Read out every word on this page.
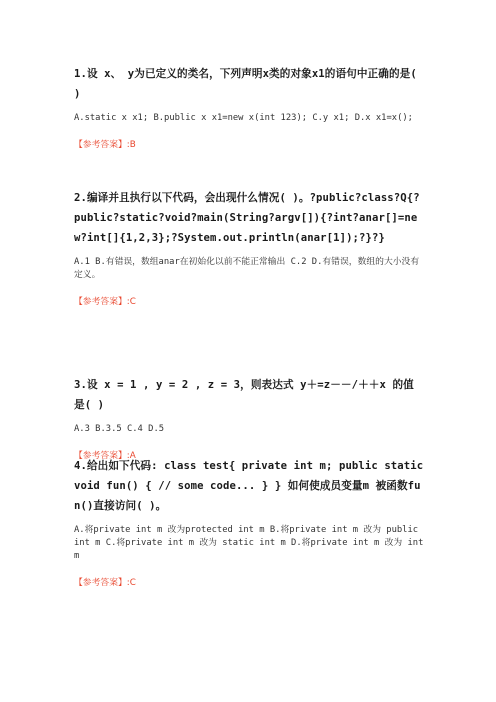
1.设 x、 y为已定义的类名，下列声明x类的对象x1的语句中正确的是( )

A.static x x1; B.public x x1=new x(int 123); C.y x1; D.x x1=x();

【参考答案】:B

2.编译并且执行以下代码，会出现什么情况( )。?public?class?Q{?public?static?void?main(String?argv[]){?int?anar[]=new?int[]{1,2,3};?System.out.println(anar[1]);?}?}

A.1 B.有错误，数组anar在初始化以前不能正常输出 C.2 D.有错误，数组的大小没有定义。

【参考答案】:C

3.设 x = 1 , y = 2 , z = 3，则表达式 y＋=z－－/＋＋x 的值是( )

A.3 B.3.5 C.4 D.5

【参考答案】:A

4.给出如下代码: class test{ private int m; public static void fun() { // some code... } } 如何使成员变量m 被函数fun()直接访问( )。

A.将private int m 改为protected int m B.将private int m 改为 public int m C.将private int m 改为 static int m D.将private int m 改为 int m

【参考答案】:C
